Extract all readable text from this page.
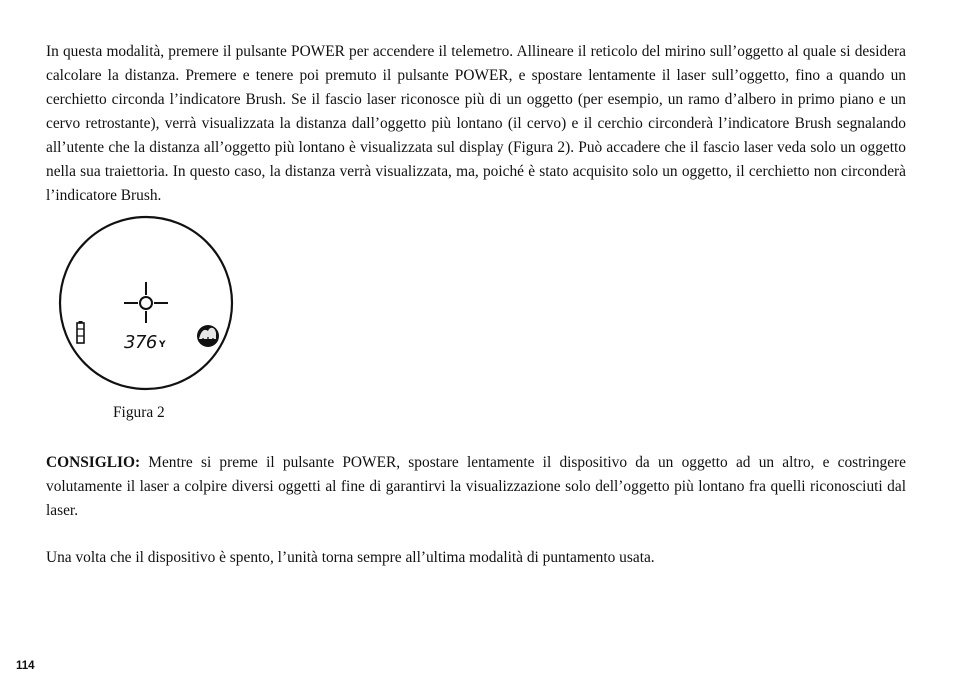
In questa modalità, premere il pulsante POWER per accendere il telemetro. Allineare il reticolo del mirino sull’oggetto al quale si desidera calcolare la distanza. Premere e tenere poi premuto il pulsante POWER, e spostare lentamente il laser sull’oggetto, fino a quando un cerchietto circonda l’indicatore Brush. Se il fascio laser riconosce più di un oggetto (per esempio, un ramo d’albero in primo piano e un cervo retrostante), verrà visualizzata la distanza dall’oggetto più lontano (il cervo) e il cerchio circonderà l’indicatore Brush segnalando all’utente che la distanza all’oggetto più lontano è visualizzata sul display (Figura 2). Può accadere che il fascio laser veda solo un oggetto nella sua traiettoria. In questo caso, la distanza verrà visualizzata, ma, poiché è stato acquisito solo un oggetto, il cerchietto non circonderà l’indicatore Brush.

376 Y
Figura 2

CONSIGLIO: Mentre si preme il pulsante POWER, spostare lentamente il dispositivo da un oggetto ad un altro, e costringere volutamente il laser a colpire diversi oggetti al fine di garantirvi la visualizzazione solo dell’oggetto più lontano fra quelli riconosciuti dal laser.

Una volta che il dispositivo è spento, l’unità torna sempre all’ultima modalità di puntamento usata.

114
